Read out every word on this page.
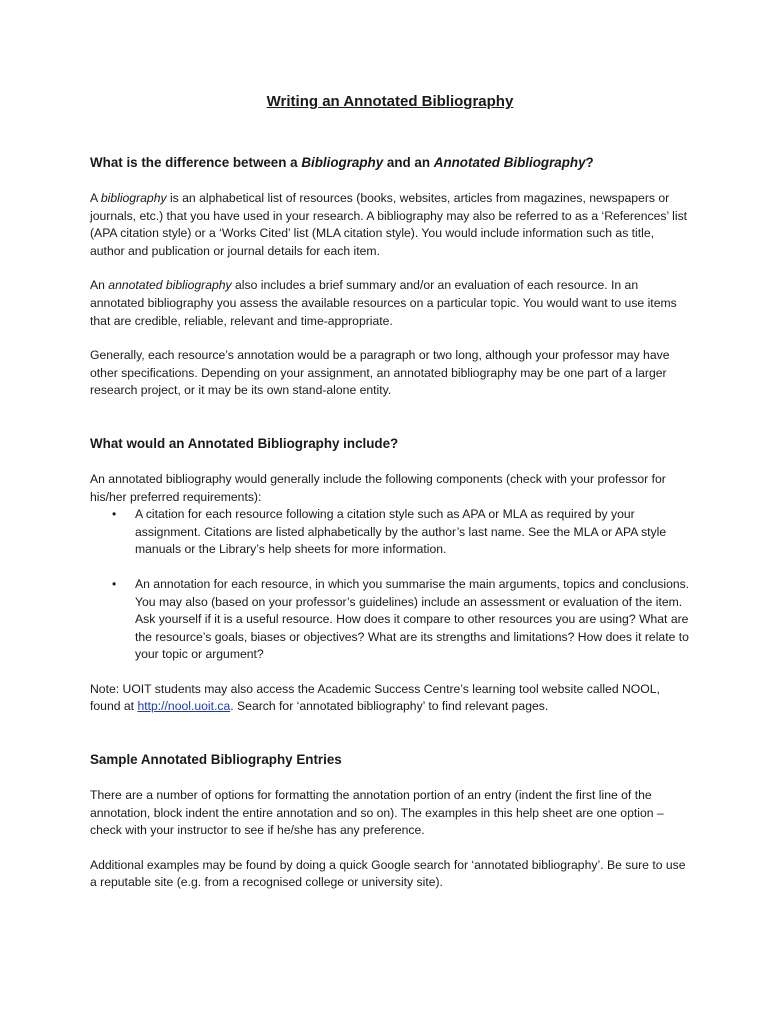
Writing an Annotated Bibliography
What is the difference between a Bibliography and an Annotated Bibliography?

A bibliography is an alphabetical list of resources (books, websites, articles from magazines, newspapers or journals, etc.) that you have used in your research. A bibliography may also be referred to as a ‘References’ list (APA citation style) or a ‘Works Cited’ list (MLA citation style). You would include information such as title, author and publication or journal details for each item.

An annotated bibliography also includes a brief summary and/or an evaluation of each resource. In an annotated bibliography you assess the available resources on a particular topic. You would want to use items that are credible, reliable, relevant and time-appropriate.

Generally, each resource’s annotation would be a paragraph or two long, although your professor may have other specifications. Depending on your assignment, an annotated bibliography may be one part of a larger research project, or it may be its own stand-alone entity.

What would an Annotated Bibliography include?

An annotated bibliography would generally include the following components (check with your professor for his/her preferred requirements):

• A citation for each resource following a citation style such as APA or MLA as required by your assignment. Citations are listed alphabetically by the author’s last name. See the MLA or APA style manuals or the Library’s help sheets for more information.
• An annotation for each resource, in which you summarise the main arguments, topics and conclusions. You may also (based on your professor’s guidelines) include an assessment or evaluation of the item. Ask yourself if it is a useful resource. How does it compare to other resources you are using? What are the resource’s goals, biases or objectives? What are its strengths and limitations? How does it relate to your topic or argument?

Note: UOIT students may also access the Academic Success Centre’s learning tool website called NOOL, found at http://nool.uoit.ca. Search for ‘annotated bibliography’ to find relevant pages.

Sample Annotated Bibliography Entries

There are a number of options for formatting the annotation portion of an entry (indent the first line of the annotation, block indent the entire annotation and so on). The examples in this help sheet are one option – check with your instructor to see if he/she has any preference.

Additional examples may be found by doing a quick Google search for ‘annotated bibliography’. Be sure to use a reputable site (e.g. from a recognised college or university site).
